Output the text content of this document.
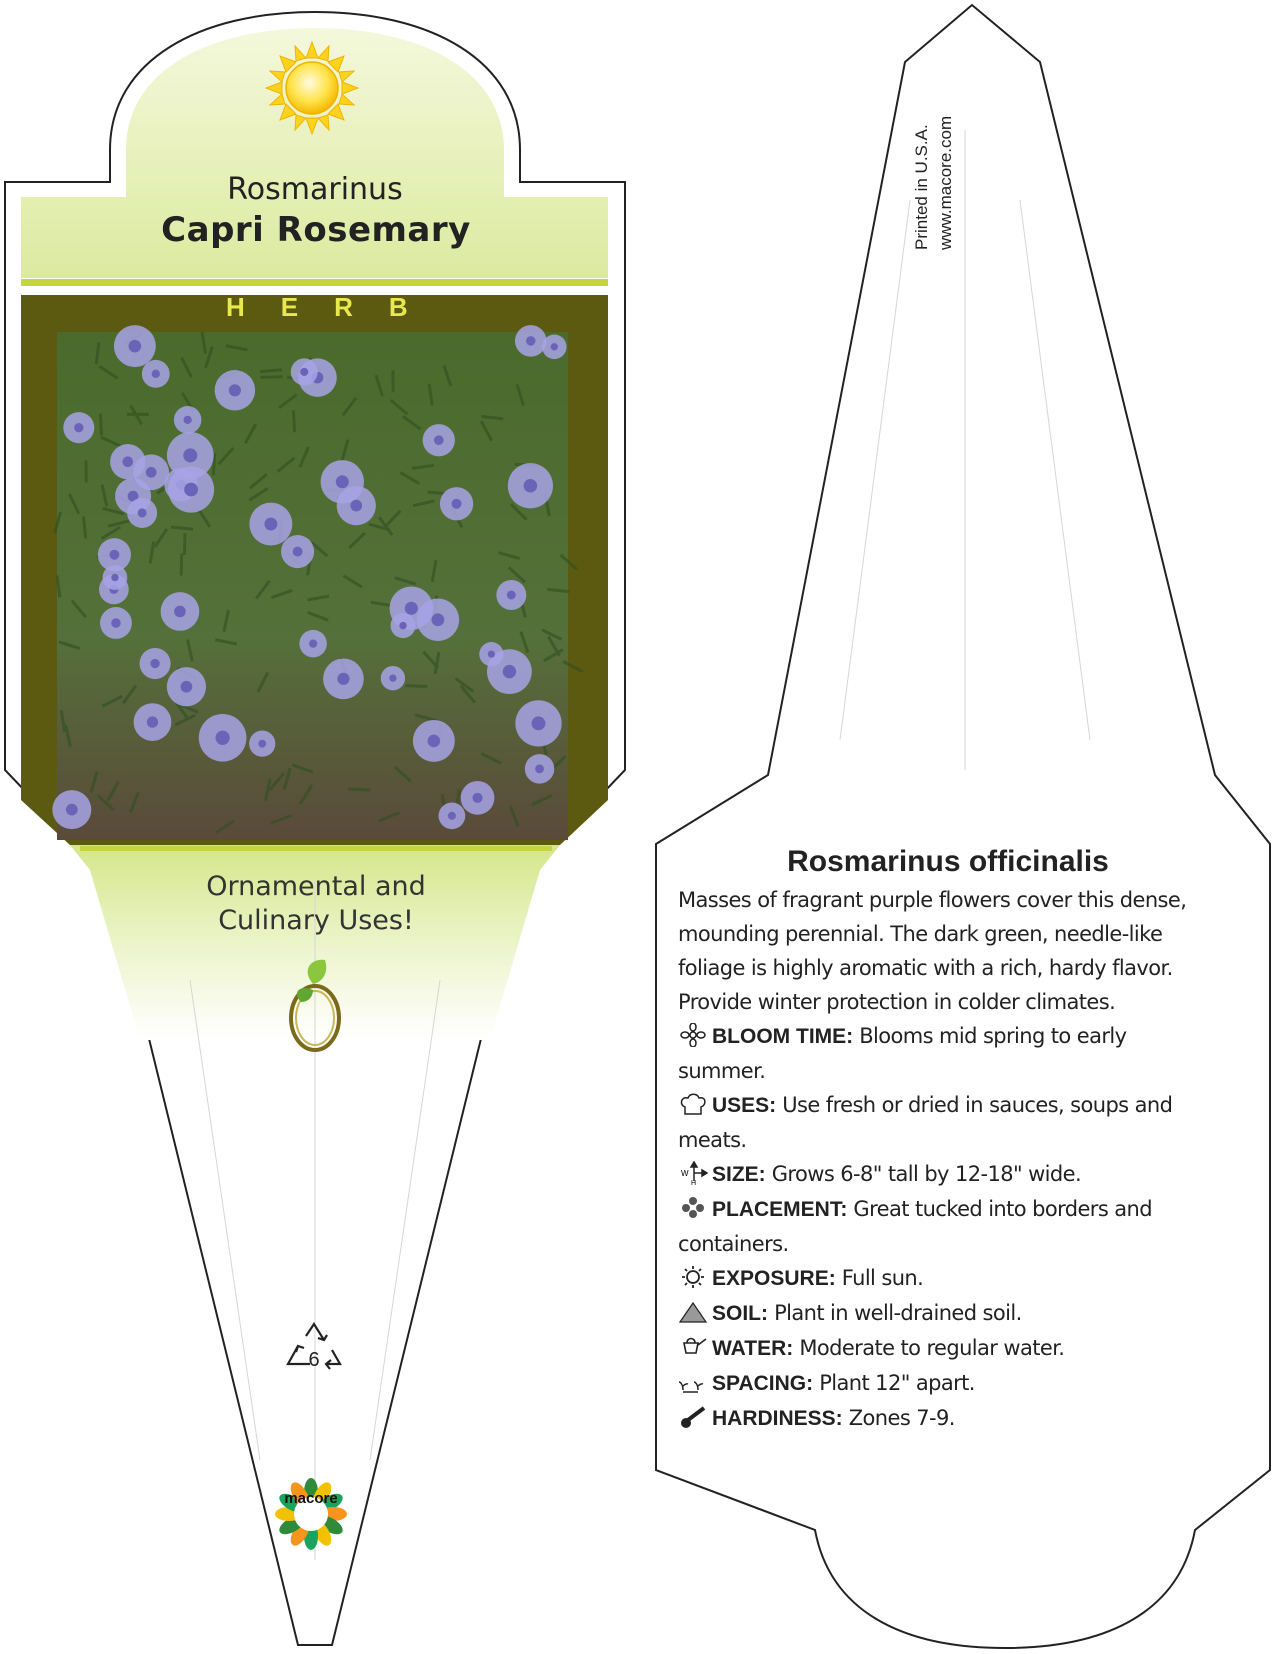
Rosmarinus
Capri Rosemary
HERB
Ornamental and
Culinary Uses!
6
macore
Printed in U.S.A. www.macore.com
Rosmarinus officinalis
Masses of fragrant purple flowers cover this dense, mounding perennial. The dark green, needle-like foliage is highly aromatic with a rich, hardy flavor. Provide winter protection in colder climates.
BLOOM TIME: Blooms mid spring to early summer.
USES: Use fresh or dried in sauces, soups and meats.
W
H SIZE: Grows 6-8" tall by 12-18" wide.
PLACEMENT: Great tucked into borders and containers.
EXPOSURE: Full sun.
SOIL: Plant in well-drained soil.
WATER: Moderate to regular water.
SPACING: Plant 12" apart.
HARDINESS: Zones 7-9.
